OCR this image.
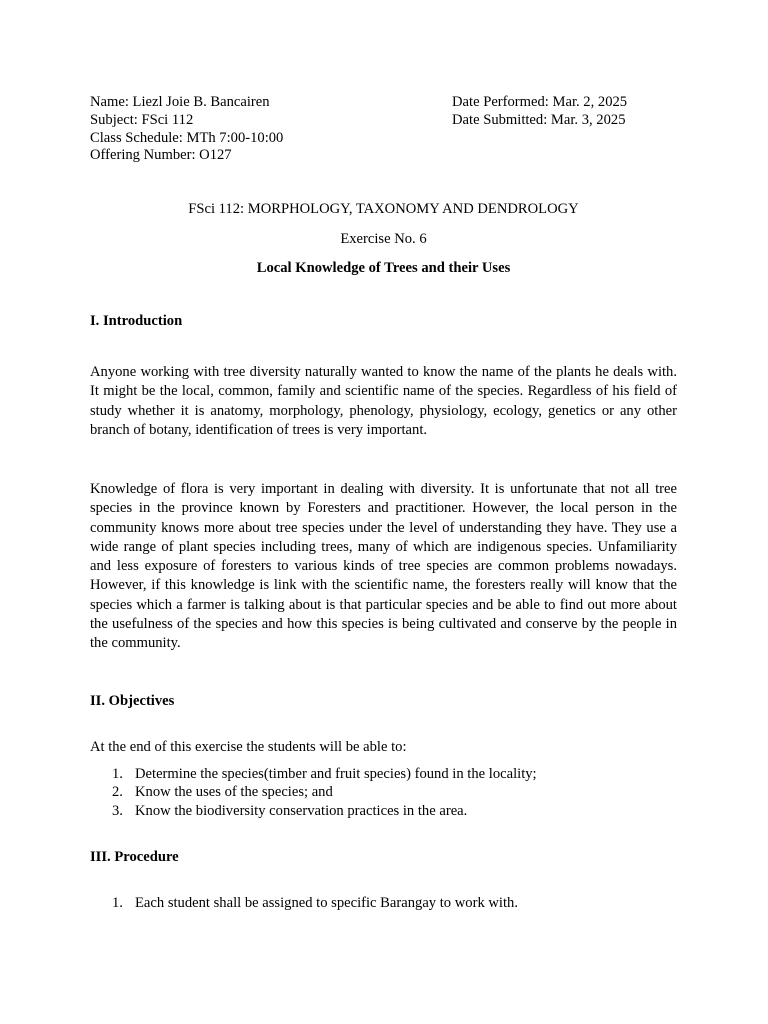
Name: Liezl Joie B. Bancairen
Subject: FSci 112
Class Schedule: MTh 7:00-10:00
Offering Number: O127
Date Performed: Mar. 2, 2025
Date Submitted: Mar. 3, 2025
FSci 112: MORPHOLOGY, TAXONOMY AND DENDROLOGY
Exercise No. 6
Local Knowledge of Trees and their Uses
I. Introduction

Anyone working with tree diversity naturally wanted to know the name of the plants he deals with. It might be the local, common, family and scientific name of the species. Regardless of his field of study whether it is anatomy, morphology, phenology, physiology, ecology, genetics or any other branch of botany, identification of trees is very important.

Knowledge of flora is very important in dealing with diversity. It is unfortunate that not all tree species in the province known by Foresters and practitioner. However, the local person in the community knows more about tree species under the level of understanding they have. They use a wide range of plant species including trees, many of which are indigenous species. Unfamiliarity and less exposure of foresters to various kinds of tree species are common problems nowadays. However, if this knowledge is link with the scientific name, the foresters really will know that the species which a farmer is talking about is that particular species and be able to find out more about the usefulness of the species and how this species is being cultivated and conserve by the people in the community.

II. Objectives
At the end of this exercise the students will be able to:
1. Determine the species(timber and fruit species) found in the locality;
2. Know the uses of the species; and
3. Know the biodiversity conservation practices in the area.
III. Procedure
1. Each student shall be assigned to specific Barangay to work with.
